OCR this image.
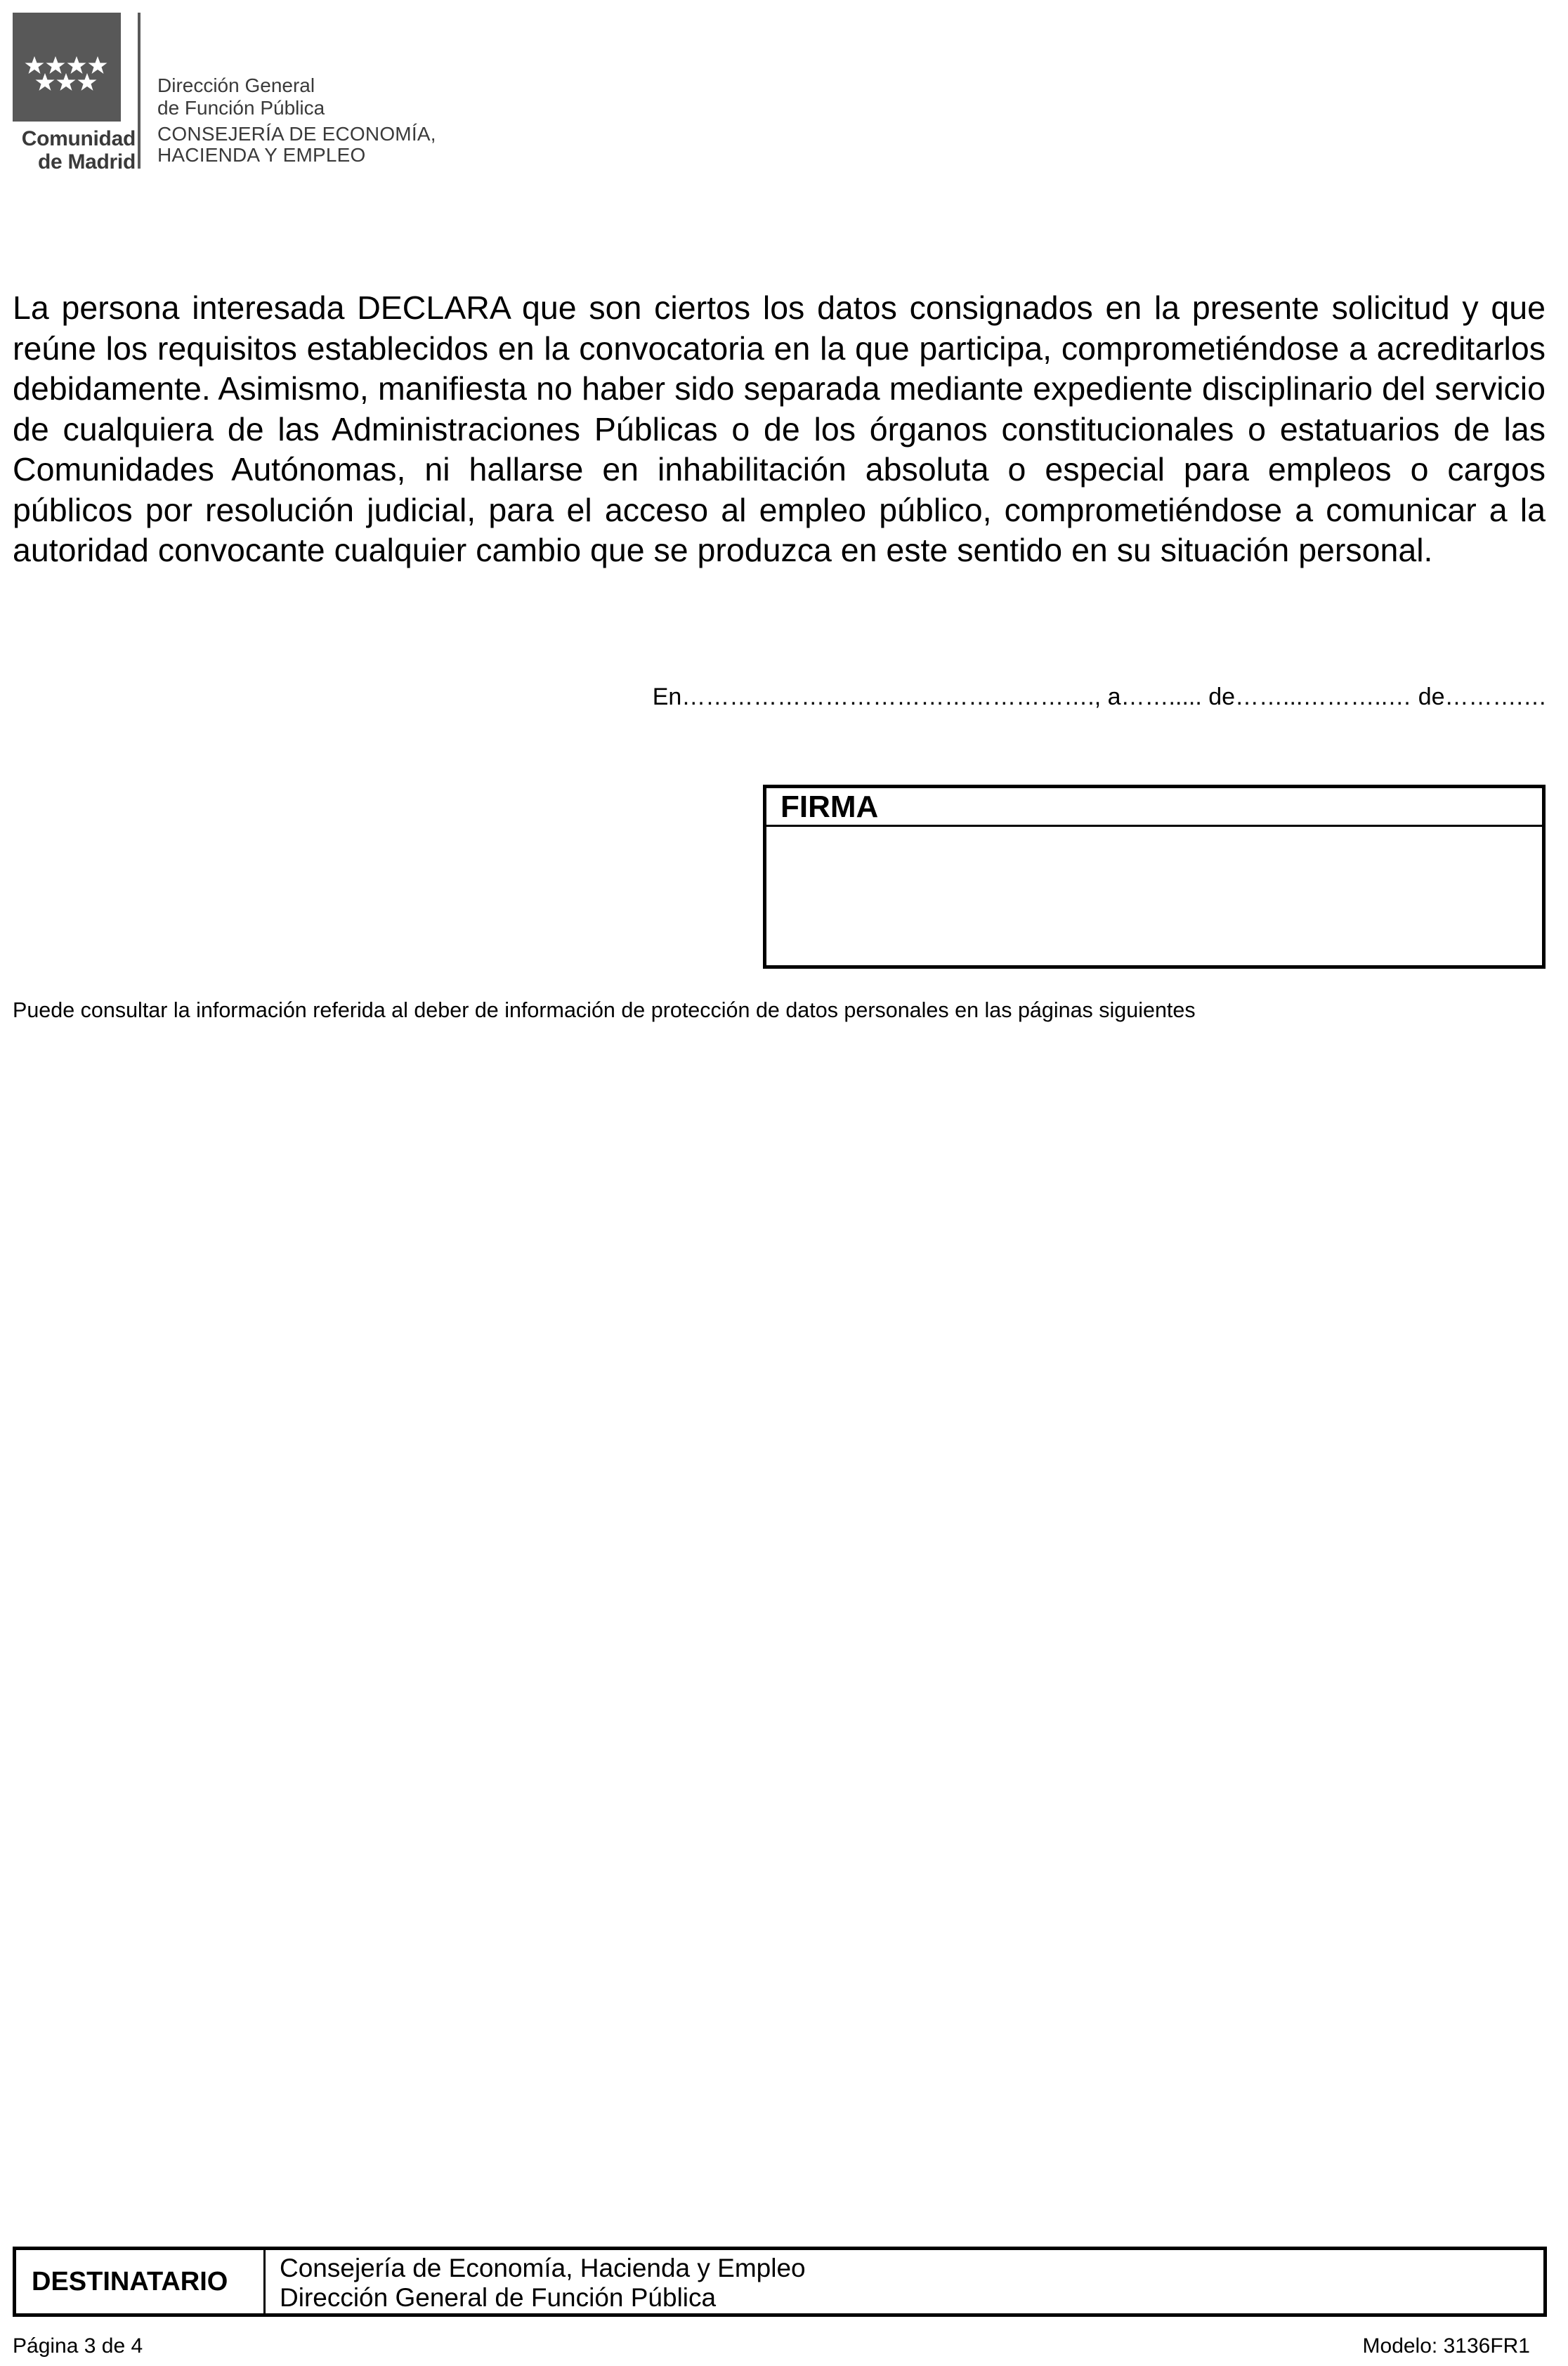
Comunidad
de Madrid
Dirección General
de Función Pública
CONSEJERÍA DE ECONOMÍA,
HACIENDA Y EMPLEO

La persona interesada DECLARA que son ciertos los datos consignados en la presente solicitud y que reúne los requisitos establecidos en la convocatoria en la que participa, comprometiéndose a acreditarlos debidamente. Asimismo, manifiesta no haber sido separada mediante expediente disciplinario del servicio de cualquiera de las Administraciones Públicas o de los órganos constitucionales o estatuarios de las Comunidades Autónomas, ni hallarse en inhabilitación absoluta o especial para empleos o cargos públicos por resolución judicial, para el acceso al empleo público, comprometiéndose a comunicar a la autoridad convocante cualquier cambio que se produzca en este sentido en su situación personal.

En……………………………………………., a……..... de……...………..… de……….…
FIRMA
Puede consultar la información referida al deber de información de protección de datos personales en las páginas siguientes
DESTINATARIO	Consejería de Economía, Hacienda y Empleo
Dirección General de Función Pública
Página 3 de 4	Modelo: 3136FR1
